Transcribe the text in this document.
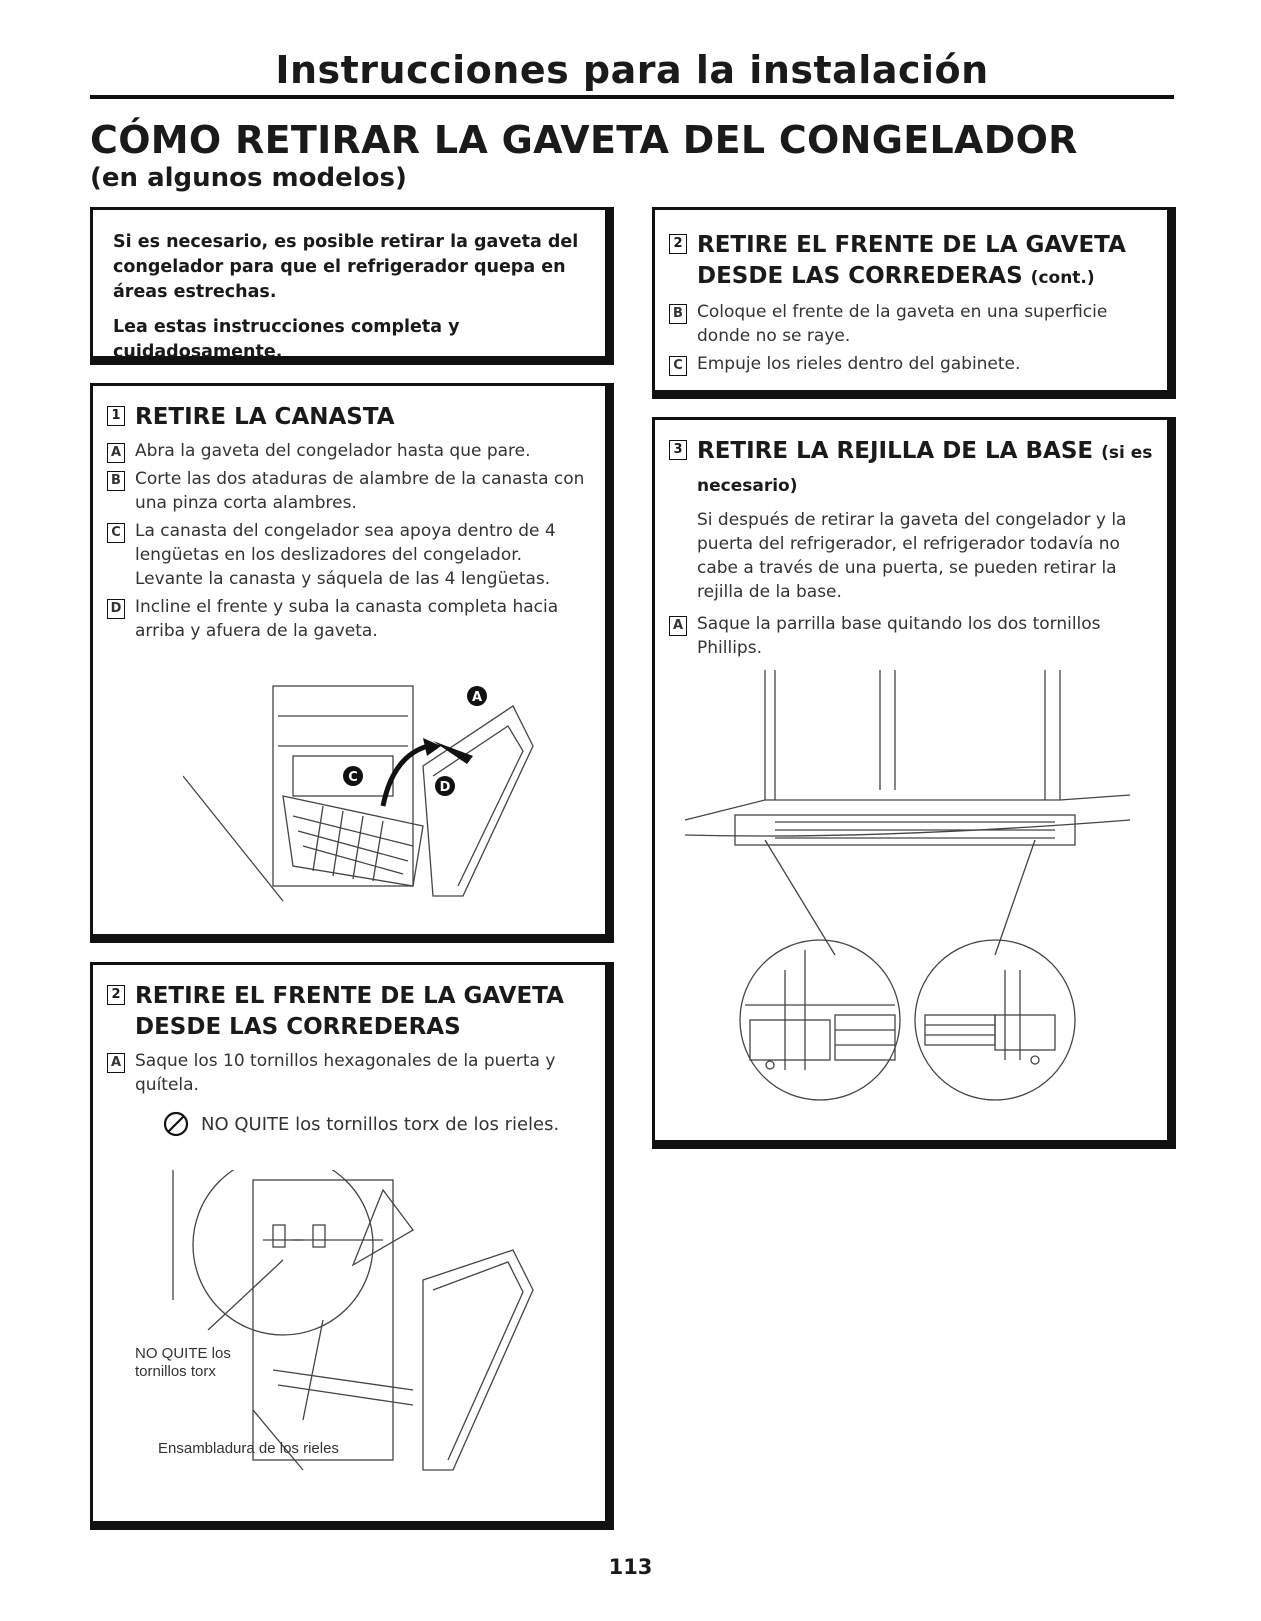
Instrucciones para la instalación
CÓMO RETIRAR LA GAVETA DEL CONGELADOR
(en algunos modelos)

Si es necesario, es posible retirar la gaveta del congelador para que el refrigerador quepa en áreas estrechas.

Lea estas instrucciones completa y cuidadosamente.

1 RETIRE LA CANASTA
A Abra la gaveta del congelador hasta que pare.
B Corte las dos ataduras de alambre de la canasta con una pinza corta alambres.
C La canasta del congelador sea apoya dentro de 4 lengüetas en los deslizadores del congelador. Levante la canasta y sáquela de las 4 lengüetas.
D Incline el frente y suba la canasta completa hacia arriba y afuera de la gaveta.
A
C
D
2 RETIRE EL FRENTE DE LA GAVETA DESDE LAS CORREDERAS
A Saque los 10 tornillos hexagonales de la puerta y quítela.
NO QUITE los tornillos torx de los rieles.
NO QUITE los tornillos torx
Ensambladura de los rieles
2 RETIRE EL FRENTE DE LA GAVETA DESDE LAS CORREDERAS (cont.)
B Coloque el frente de la gaveta en una superficie donde no se raye.
C Empuje los rieles dentro del gabinete.
3 RETIRE LA REJILLA DE LA BASE (si es necesario)

Si después de retirar la gaveta del congelador y la puerta del refrigerador, el refrigerador todavía no cabe a través de una puerta, se pueden retirar la rejilla de la base.

A Saque la parrilla base quitando los dos tornillos Phillips.
113
